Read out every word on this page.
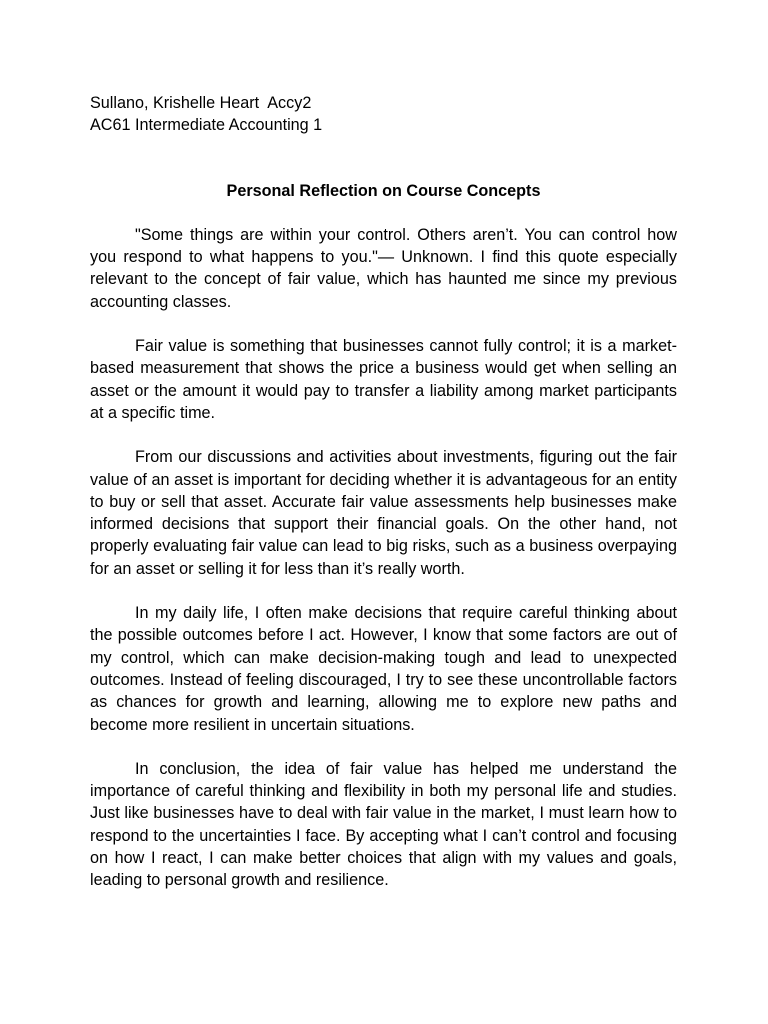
Sullano, Krishelle Heart  Accy2

AC61 Intermediate Accounting 1

Personal Reflection on Course Concepts

"Some things are within your control. Others aren’t. You can control how you respond to what happens to you."— Unknown. I find this quote especially relevant to the concept of fair value, which has haunted me since my previous accounting classes.

Fair value is something that businesses cannot fully control; it is a market-based measurement that shows the price a business would get when selling an asset or the amount it would pay to transfer a liability among market participants at a specific time.

From our discussions and activities about investments, figuring out the fair value of an asset is important for deciding whether it is advantageous for an entity to buy or sell that asset. Accurate fair value assessments help businesses make informed decisions that support their financial goals. On the other hand, not properly evaluating fair value can lead to big risks, such as a business overpaying for an asset or selling it for less than it’s really worth.

In my daily life, I often make decisions that require careful thinking about the possible outcomes before I act. However, I know that some factors are out of my control, which can make decision-making tough and lead to unexpected outcomes. Instead of feeling discouraged, I try to see these uncontrollable factors as chances for growth and learning, allowing me to explore new paths and become more resilient in uncertain situations.

In conclusion, the idea of fair value has helped me understand the importance of careful thinking and flexibility in both my personal life and studies. Just like businesses have to deal with fair value in the market, I must learn how to respond to the uncertainties I face. By accepting what I can’t control and focusing on how I react, I can make better choices that align with my values and goals, leading to personal growth and resilience.
